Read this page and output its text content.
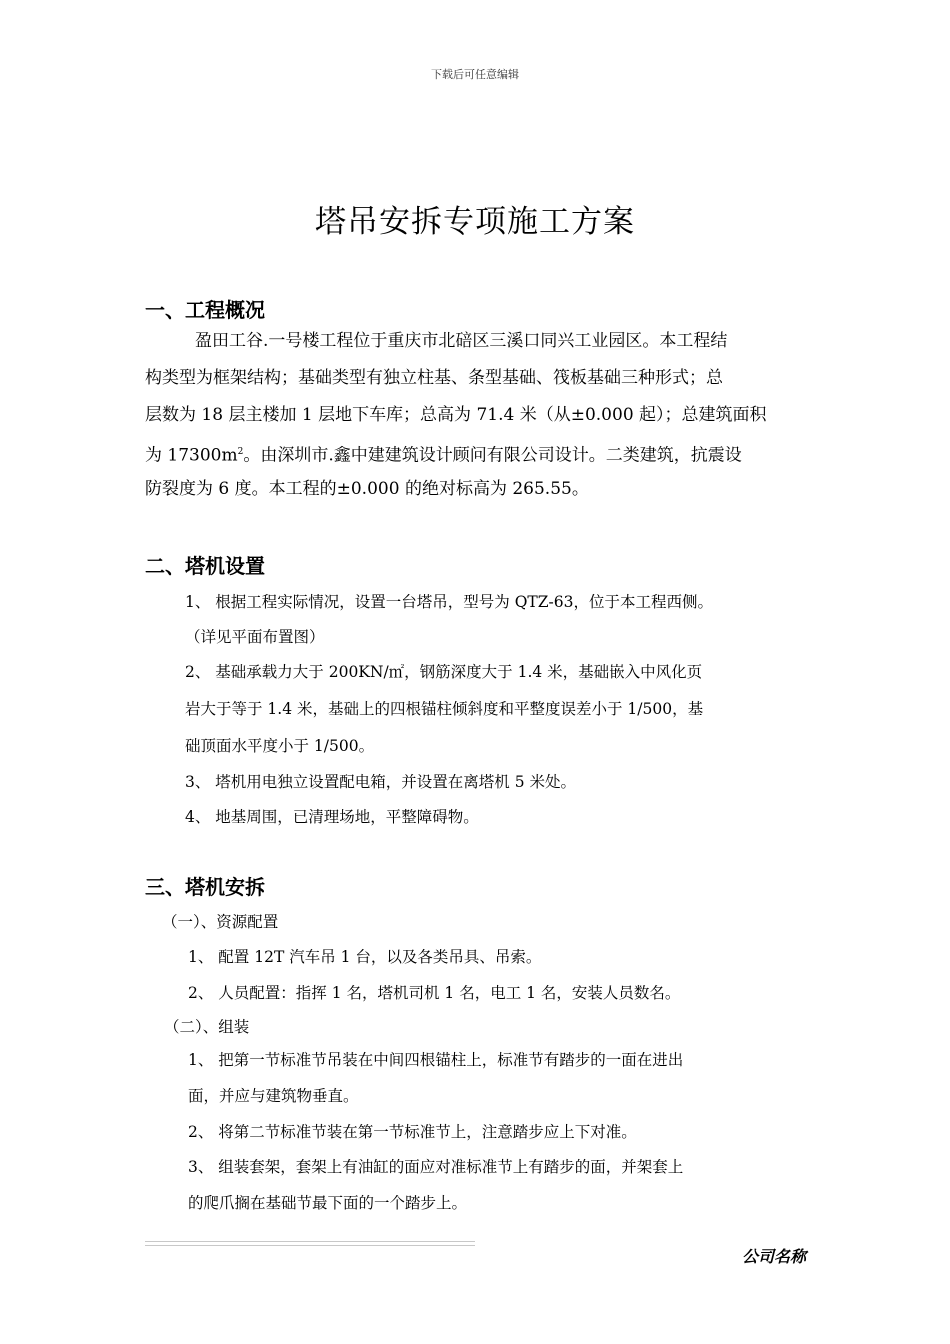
下载后可任意编辑
塔吊安拆专项施工方案
一、工程概况
盈田工谷.一号楼工程位于重庆市北碚区三溪口同兴工业园区。本工程结
构类型为框架结构；基础类型有独立柱基、条型基础、筏板基础三种形式；总
层数为 18 层主楼加 1 层地下车库；总高为 71.4 米（从±0.000 起）；总建筑面积
为 $17300m^2$。由深圳市.鑫中建建筑设计顾问有限公司设计。二类建筑，抗震设
防裂度为 6 度。本工程的±0.000 的绝对标高为 265.55。
二、塔机设置
1、 根据工程实际情况，设置一台塔吊，型号为 QTZ-63，位于本工程西侧。
（详见平面布置图）
2、 基础承载力大于 200KN/㎡，钢筋深度大于 1.4 米，基础嵌入中风化页
岩大于等于 1.4 米，基础上的四根锚柱倾斜度和平整度误差小于 1/500，基
础顶面水平度小于 1/500。
3、 塔机用电独立设置配电箱，并设置在离塔机 5 米处。
4、 地基周围，已清理场地，平整障碍物。
三、塔机安拆
（一）、资源配置
1、 配置 12T 汽车吊 1 台，以及各类吊具、吊索。
2、 人员配置：指挥 1 名，塔机司机 1 名，电工 1 名，安装人员数名。
（二）、组装
1、 把第一节标准节吊装在中间四根锚柱上，标准节有踏步的一面在进出
面，并应与建筑物垂直。
2、 将第二节标准节装在第一节标准节上，注意踏步应上下对准。
3、 组装套架，套架上有油缸的面应对准标准节上有踏步的面，并架套上
的爬爪搁在基础节最下面的一个踏步上。
公司名称
